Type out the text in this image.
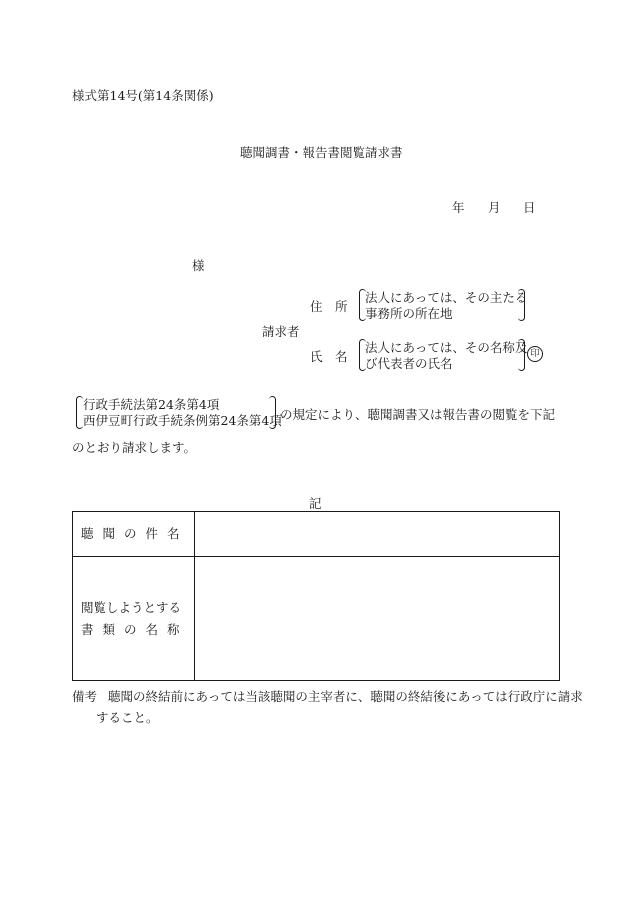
様式第14号(第14条関係)
聴聞調書・報告書閲覧請求書
年 月 日
様
請求者
住　所
法人にあっては、その主たる
事務所の所在地
氏　名
法人にあっては、その名称及
び代表者の氏名
印
行政手続法第24条第4項
西伊豆町行政手続条例第24条第4項
の規定により、聴聞調書又は報告書の閲覧を下記
のとおり請求します。
記
聴聞の件名	

閲覧しようとする
書類の名称	

備考 聴聞の終結前にあっては当該聴聞の主宰者に、聴聞の終結後にあっては行政庁に請求
すること。
